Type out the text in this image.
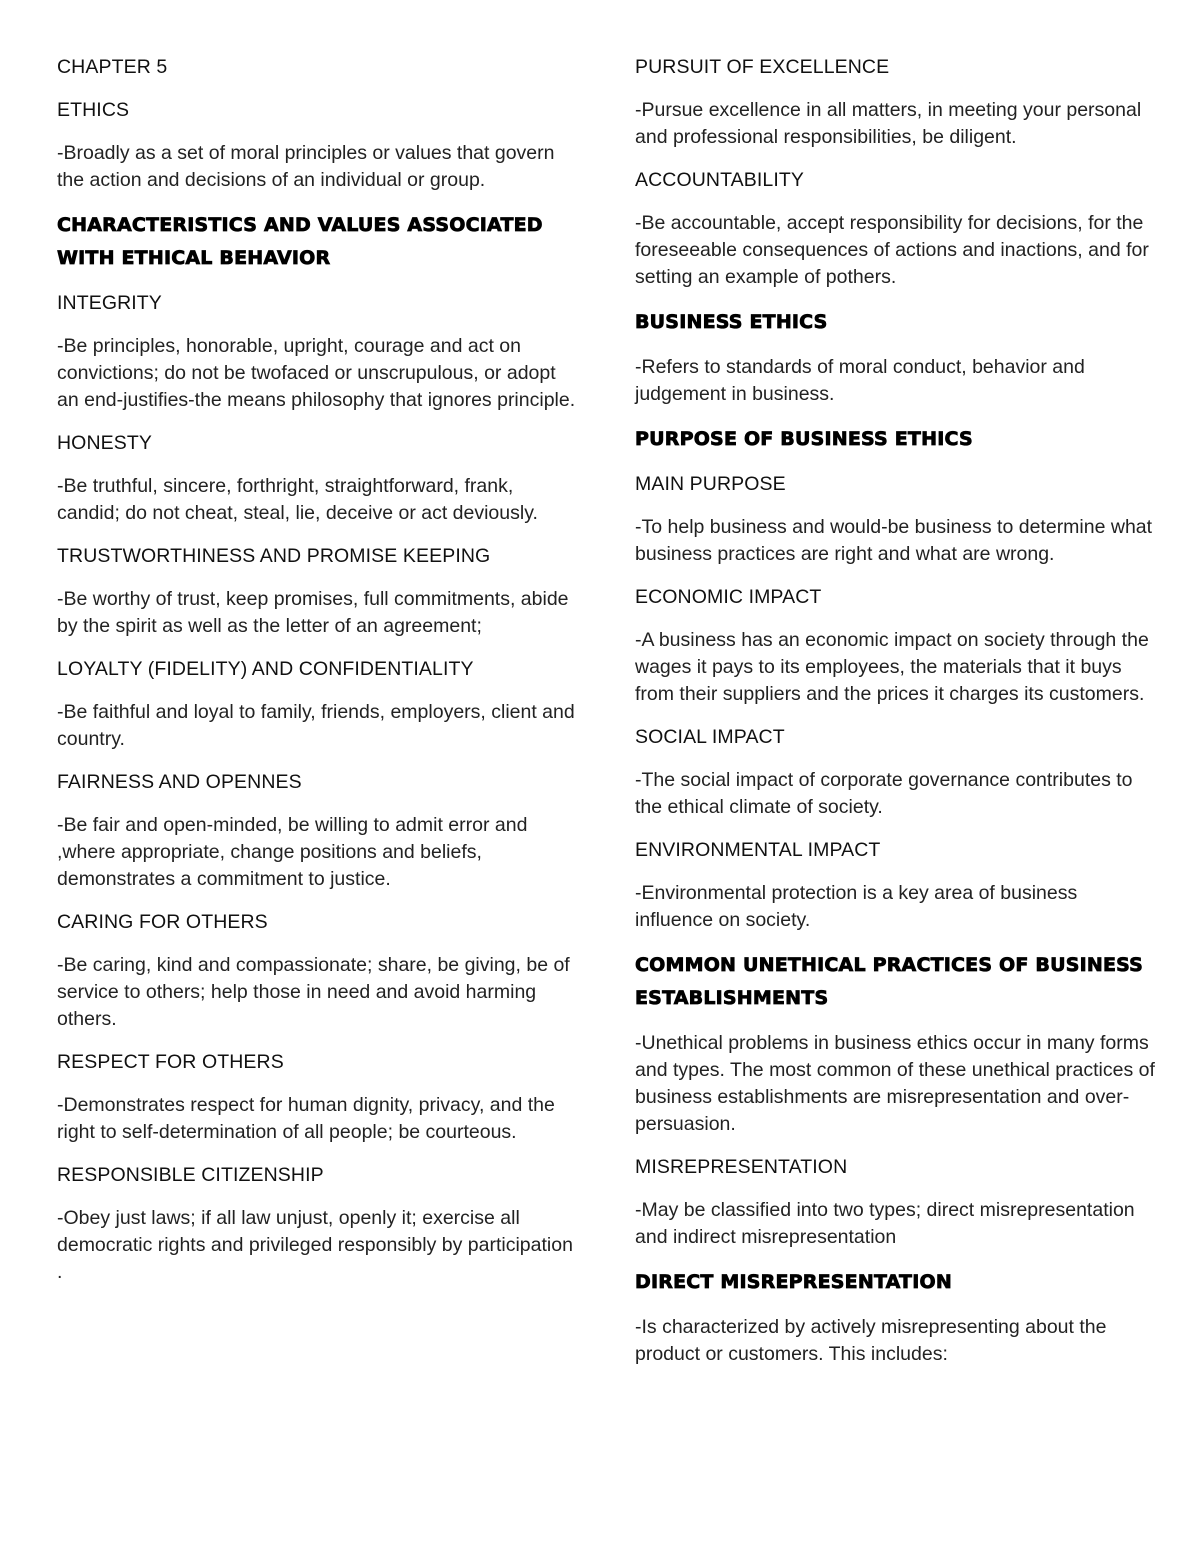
CHAPTER 5

ETHICS

-Broadly as a set of moral principles or values that govern the action and decisions of an individual or group.

CHARACTERISTICS AND VALUES ASSOCIATED WITH ETHICAL BEHAVIOR

INTEGRITY

-Be principles, honorable, upright, courage and act on convictions; do not be twofaced or unscrupulous, or adopt an end-justifies-the means philosophy that ignores principle.

HONESTY

-Be truthful, sincere, forthright, straightforward, frank, candid; do not cheat, steal, lie, deceive or act deviously.

TRUSTWORTHINESS AND PROMISE KEEPING

-Be worthy of trust, keep promises, full commitments, abide by the spirit as well as the letter of an agreement;

LOYALTY (FIDELITY) AND CONFIDENTIALITY

-Be faithful and loyal to family, friends, employers, client and country.

FAIRNESS AND OPENNES

-Be fair and open-minded, be willing to admit error and ,where appropriate, change positions and beliefs, demonstrates a commitment to justice.

CARING FOR OTHERS

-Be caring, kind and compassionate; share, be giving, be of service to others; help those in need and avoid harming others.

RESPECT FOR OTHERS

-Demonstrates respect for human dignity, privacy, and the right to self-determination of all people; be courteous.

RESPONSIBLE CITIZENSHIP

-Obey just laws; if all law unjust, openly it; exercise all democratic rights and privileged responsibly by participation .

PURSUIT OF EXCELLENCE

-Pursue excellence in all matters, in meeting your personal and professional responsibilities, be diligent.

ACCOUNTABILITY

-Be accountable, accept responsibility for decisions, for the foreseeable consequences of actions and inactions, and for setting an example of pothers.

BUSINESS ETHICS

-Refers to standards of moral conduct, behavior and judgement in business.

PURPOSE OF BUSINESS ETHICS

MAIN PURPOSE

-To help business and would-be business to determine what business practices are right and what are wrong.

ECONOMIC IMPACT

-A business has an economic impact on society through the wages it pays to its employees, the materials that it buys from their suppliers and the prices it charges its customers.

SOCIAL IMPACT

-The social impact of corporate governance contributes to the ethical climate of society.

ENVIRONMENTAL IMPACT

-Environmental protection is a key area of business influence on society.

COMMON UNETHICAL PRACTICES OF BUSINESS ESTABLISHMENTS

-Unethical problems in business ethics occur in many forms and types. The most common of these unethical practices of business establishments are misrepresentation and over-persuasion.

MISREPRESENTATION

-May be classified into two types; direct misrepresentation and indirect misrepresentation

DIRECT MISREPRESENTATION

-Is characterized by actively misrepresenting about the product or customers. This includes:
